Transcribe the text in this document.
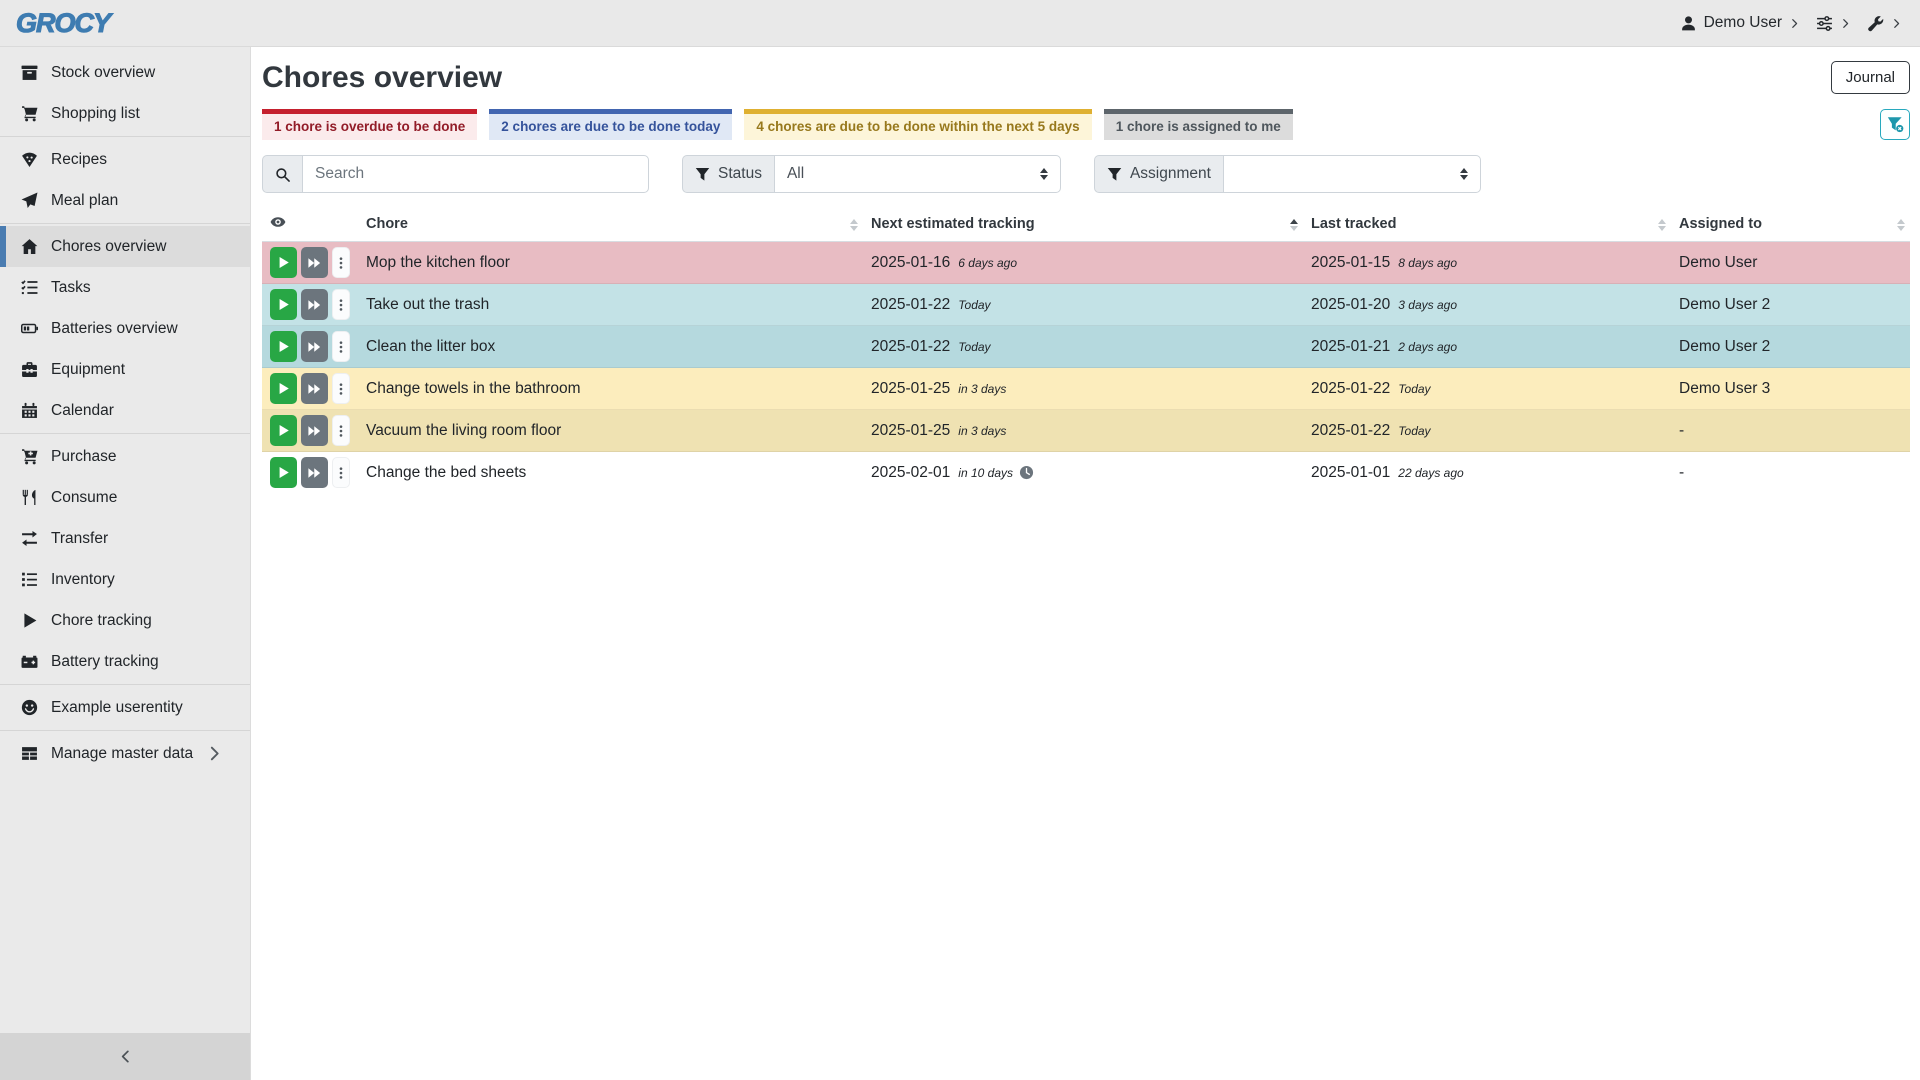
GROCY	Demo User
Stock overview
Shopping list
Recipes
Meal plan
Chores overview
Tasks
Batteries overview
Equipment
Calendar
Purchase
Consume
Transfer
Inventory
Chore tracking
Battery tracking
Example userentity
Manage master data
Chores overview	Journal
1 chore is overdue to be done	2 chores are due to be done today	4 chores are due to be done within the next 5 days	1 chore is assigned to me
Search
Status All	Assignment
	Chore	Next estimated tracking	Last tracked	Assigned to

	Mop the kitchen floor	2025-01-16 6 days ago	2025-01-15 8 days ago	Demo User

	Take out the trash	2025-01-22 Today	2025-01-20 3 days ago	Demo User 2

	Clean the litter box	2025-01-22 Today	2025-01-21 2 days ago	Demo User 2

	Change towels in the bathroom	2025-01-25 in 3 days	2025-01-22 Today	Demo User 3

	Vacuum the living room floor	2025-01-25 in 3 days	2025-01-22 Today	-

	Change the bed sheets	2025-02-01 in 10 days	2025-01-01 22 days ago	-
